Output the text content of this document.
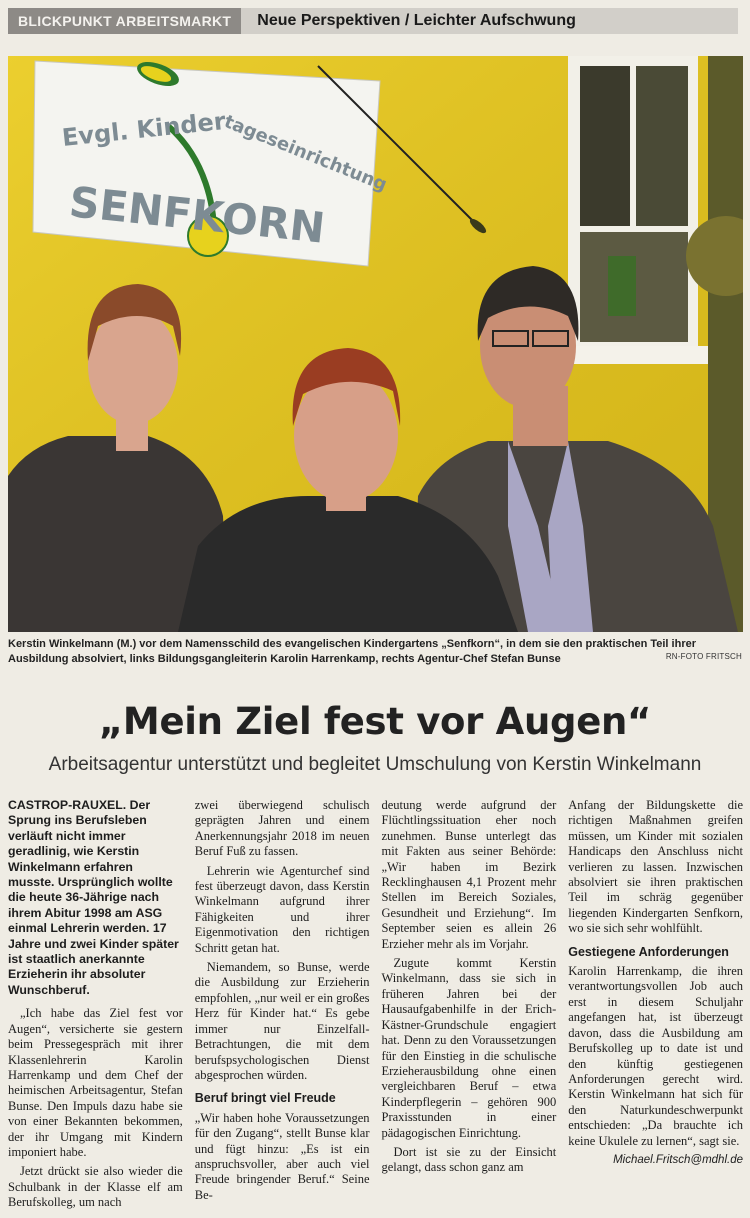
BLICKPUNKT ARBEITSMARKT	Neue Perspektiven / Leichter Aufschwung
Evgl. Kinder
tageseinrichtung
SENFKORN
Kerstin Winkelmann (M.) vor dem Namensschild des evangelischen Kindergartens „Senfkorn“, in dem sie den praktischen Teil ihrer Ausbildung absolviert, links Bildungsgangleiterin Karolin Harrenkamp, rechts Agentur-Chef Stefan Bunse	RN-FOTO FRITSCH
„Mein Ziel fest vor Augen“
Arbeitsagentur unterstützt und begleitet Umschulung von Kerstin Winkelmann

CASTROP-RAUXEL. Der Sprung ins Berufsleben verläuft nicht immer geradlinig, wie Kerstin Winkelmann erfahren musste. Ursprünglich wollte die heute 36-Jährige nach ihrem Abitur 1998 am ASG einmal Lehrerin werden. 17 Jahre und zwei Kinder später ist staatlich anerkannte Erzieherin ihr absoluter Wunschberuf.

„Ich habe das Ziel fest vor Augen“, versicherte sie gestern beim Pressegespräch mit ihrer Klassenlehrerin Karolin Harrenkamp und dem Chef der heimischen Arbeitsagentur, Stefan Bunse. Den Impuls dazu habe sie von einer Bekannten bekommen, der ihr Umgang mit Kindern imponiert habe.

Jetzt drückt sie also wieder die Schulbank in der Klasse elf am Berufskolleg, um nach

zwei überwiegend schulisch geprägten Jahren und einem Anerkennungsjahr 2018 im neuen Beruf Fuß zu fassen.

Lehrerin wie Agenturchef sind fest überzeugt davon, dass Kerstin Winkelmann aufgrund ihrer Fähigkeiten und ihrer Eigenmotivation den richtigen Schritt getan hat.

Niemandem, so Bunse, werde die Ausbildung zur Erzieherin empfohlen, „nur weil er ein großes Herz für Kinder hat.“ Es gebe immer nur Einzelfall-Betrachtungen, die mit dem berufspsychologischen Dienst abgesprochen würden.

Beruf bringt viel Freude

„Wir haben hohe Voraussetzungen für den Zugang“, stellt Bunse klar und fügt hinzu: „Es ist ein anspruchsvoller, aber auch viel Freude bringender Beruf.“ Seine Be-

deutung werde aufgrund der Flüchtlingssituation eher noch zunehmen. Bunse unterlegt das mit Fakten aus seiner Behörde: „Wir haben im Bezirk Recklinghausen 4,1 Prozent mehr Stellen im Bereich Soziales, Gesundheit und Erziehung“. Im September seien es allein 26 Erzieher mehr als im Vorjahr.

Zugute kommt Kerstin Winkelmann, dass sie sich in früheren Jahren bei der Hausaufgabenhilfe in der Erich-Kästner-Grundschule engagiert hat. Denn zu den Voraussetzungen für den Einstieg in die schulische Erzieherausbildung ohne einen vergleichbaren Beruf – etwa Kinderpflegerin – gehören 900 Praxisstunden in einer pädagogischen Einrichtung.

Dort ist sie zu der Einsicht gelangt, dass schon ganz am

Anfang der Bildungskette die richtigen Maßnahmen greifen müssen, um Kinder mit sozialen Handicaps den Anschluss nicht verlieren zu lassen. Inzwischen absolviert sie ihren praktischen Teil im schräg gegenüber liegenden Kindergarten Senfkorn, wo sie sich sehr wohlfühlt.

Gestiegene Anforderungen

Karolin Harrenkamp, die ihren verantwortungsvollen Job auch erst in diesem Schuljahr angefangen hat, ist überzeugt davon, dass die Ausbildung am Berufskolleg up to date ist und den künftig gestiegenen Anforderungen gerecht wird. Kerstin Winkelmann hat sich für den Naturkundeschwerpunkt entschieden: „Da brauchte ich keine Ukulele zu lernen“, sagt sie.

Michael.Fritsch@mdhl.de
